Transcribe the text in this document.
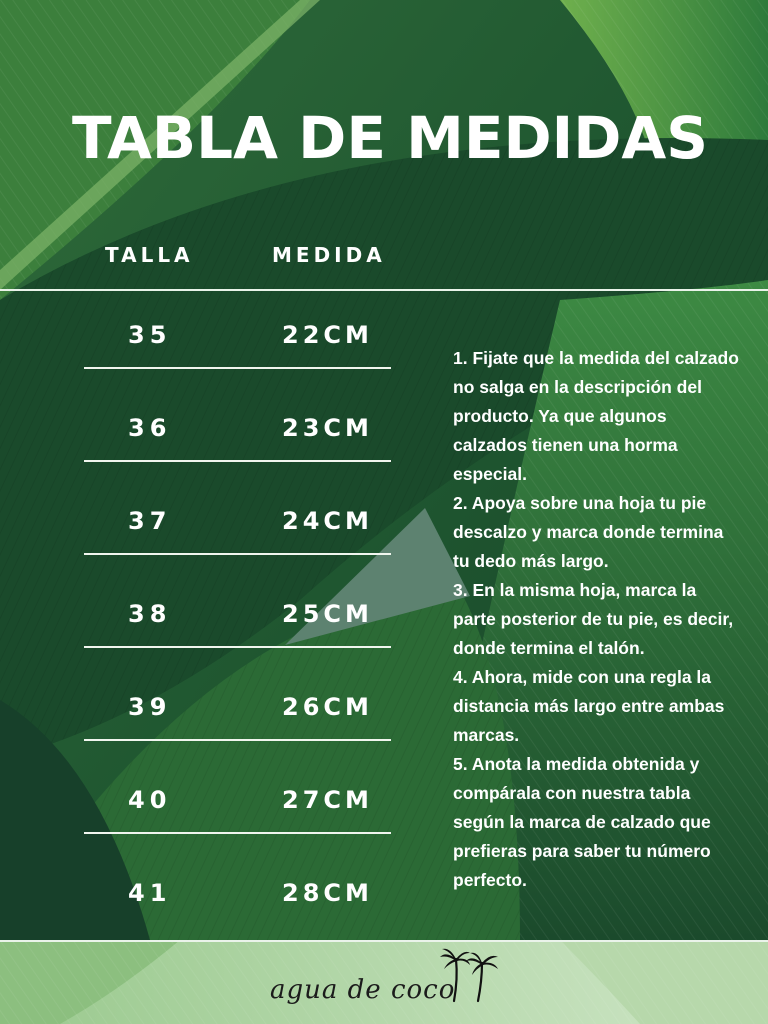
TABLA DE MEDIDAS
TALLA	MEDIDA
35	22CM
36	23CM
37	24CM
38	25CM
39	26CM
40	27CM
41	28CM

1. Fijate que la medida del calzado no salga en la descripción del producto. Ya que algunos calzados tienen una horma especial.

2. Apoya sobre una hoja tu pie descalzo y marca donde termina tu dedo más largo.

3. En la misma hoja, marca la parte posterior de tu pie, es decir, donde termina el talón.

4. Ahora, mide con una regla la distancia más largo entre ambas marcas.

5. Anota la medida obtenida y compárala con nuestra tabla según la marca de calzado que prefieras para saber tu número perfecto.

agua de coco
